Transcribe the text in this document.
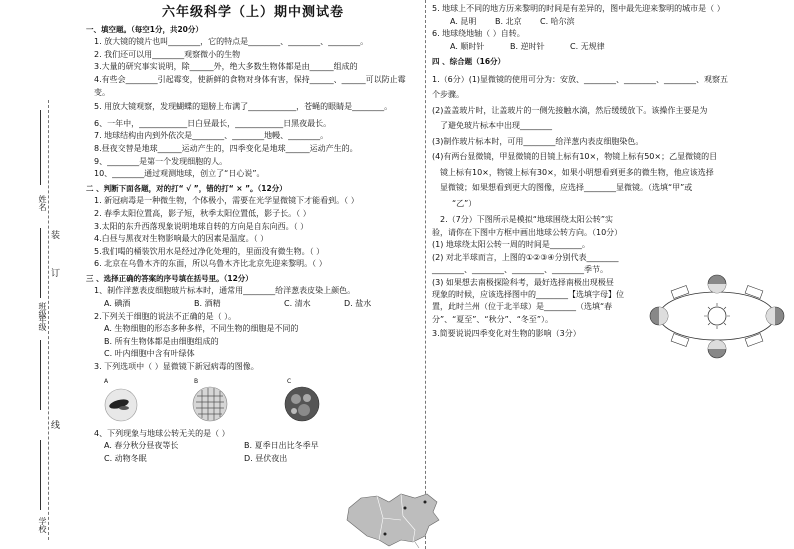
姓名
班级
年级
学校
装
订
线
六年级科学（上）期中测试卷
一、填空题。（每空1分，共20分）
1. 放大镜的镜片也叫________，它的特点是________、________、________。
2. 我们还可以用________观察微小的生物
3.大量的研究事实说明，除______外，绝大多数生物体都是由______组成的
4.有些会________引起霉变，使新鲜的食物对身体有害，保持______、______可以防止霉变。
5. 用放大镜观察，发现蝴蝶的翅膀上布满了____________，苍蝇的眼睛是________。
6、一年中，____________日白昼最长，____________日黑夜最长。
7. 地球结构由内到外依次是________、________地幔、________。
8.昼夜交替是地球______运动产生的，四季变化是地球______运动产生的。
9、________是第一个发现细胞的人。
10、________通过观测地球，创立了“日心说”。
二 、判断下面各题，对的打“ √ ”，错的打“ × ”。（12分）
1. 新冠病毒是一种微生物，个体极小，需要在光学显微镜下才能看到。（ ）
2. 春季太阳位置高，影子短，秋季太阳位置低，影子长。（ ）
3.太阳的东升西落现象说明地球自转的方向是自东向西。（ ）
4.白昼与黑夜对生物影响最大的因素是温度。（ ）
5.我们喝的桶装饮用水是经过净化处理的，里面没有微生物。（ ）
6. 北京在乌鲁木齐的东面，所以乌鲁木齐比北京先迎来黎明。（ ）
三 、选择正确的答案的序号填在括号里。（12分）
1、制作洋葱表皮细胞玻片标本时，通常用________给洋葱表皮染上颜色。
A. 碘酒	B. 酒精	C. 清水	D. 盐水
2.下列关于细胞的说法不正确的是（ ）。
A. 生物细胞的形态多种多样，不同生物的细胞是不同的
B. 所有生物体都是由细胞组成的
C. 叶内细胞中含有叶绿体
3. 下列选项中（ ）显微镜下新冠病毒的图像。
A	B	C
4、下列现象与地球公转无关的是（ ）
A. 春分秋分昼夜等长	B. 夏季日出比冬季早
C. 动物冬眠	D. 昼伏夜出
5. 地球上不同的地方历来黎明的时间是有差异的，图中最先迎来黎明的城市是（ ）
A. 昆明 B. 北京 C. 哈尔滨
6. 地球绕地轴（ ）自转。
A. 顺时针	B. 逆时针	C. 无规律
四 、综合题（16分）
1.（6分）(1)显微镜的使用可分为：安放、________、________、________、观察五
个步骤。
(2)盖盖玻片时，让盖玻片的一侧先接触水滴，然后缓缓放下。该操作主要是为
了避免玻片标本中出现________
(3)制作玻片标本时，可用________给洋葱内表皮细胞染色。
(4)有两台显微镜，甲显微镜的目镜上标有10×，物镜上标有50×；乙显微镜的目
镜上标有10×，物镜上标有30×，如果小明想看到更多的微生物，他应该选择
显微镜；如果想看到更大的图像，应选择________显微镜。（选填“甲”或
“乙”）
2.（7分）下图所示是模拟“地球围绕太阳公转”实
验，请你在下图中方框中画出地球公转方向。（10分）
(1) 地球绕太阳公转一周的时间是________。
(2) 对北半球而言，上图的①②③④分别代表________
________、________、________、________季节。
(3) 如果想去南极探险科考，最好选择南极出现极昼
现象的时候，应该选择图中的________【选填字母】位
置，此时兰州（位于北半球）是________（选填“春
分”、“夏至”、“秋分”、“冬至”）。
3.简要说说四季变化对生物的影响（3分）
